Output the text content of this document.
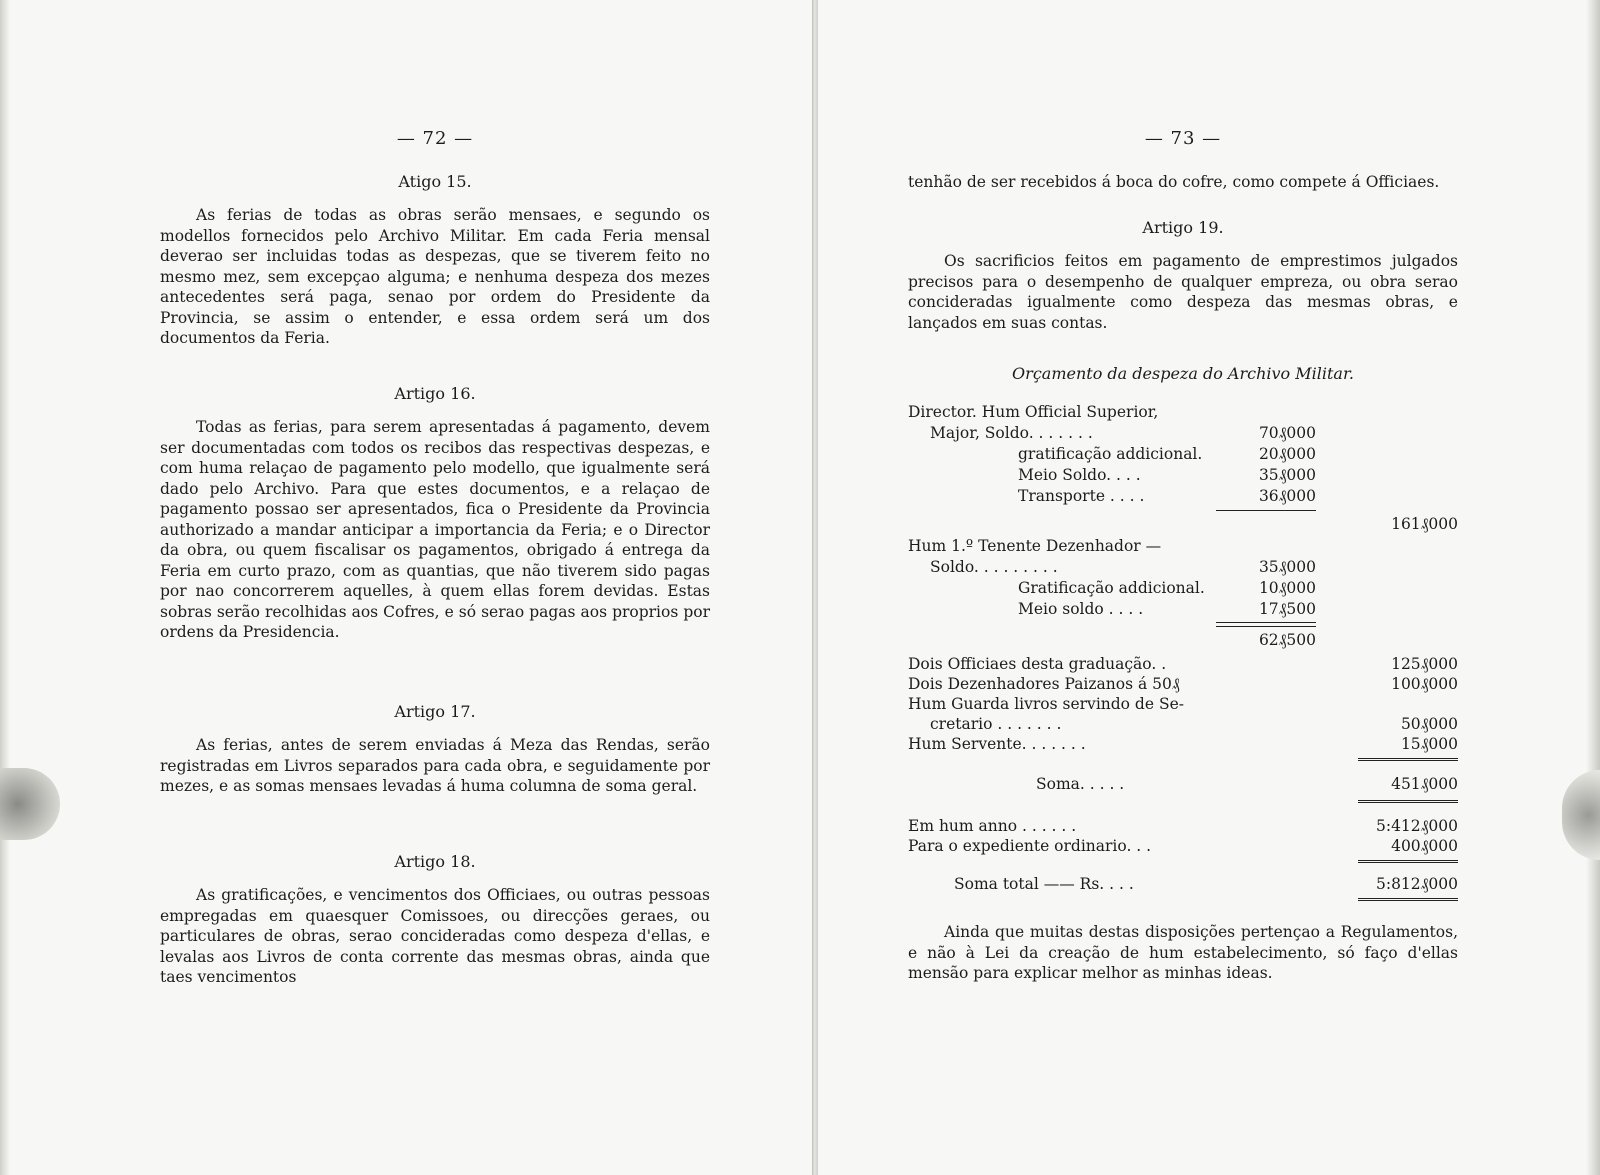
— 72 —

Atigo 15.

As ferias de todas as obras serão mensaes, e segundo os modellos fornecidos pelo Archivo Militar. Em cada Feria mensal deverao ser incluidas todas as despezas, que se tiverem feito no mesmo mez, sem excepçao alguma; e nenhuma despeza dos mezes antecedentes será paga, senao por ordem do Presidente da Provincia, se assim o entender, e essa ordem será um dos documentos da Feria.

Artigo 16.

Todas as ferias, para serem apresentadas á pagamento, devem ser documentadas com todos os recibos das respectivas despezas, e com huma relaçao de pagamento pelo modello, que igualmente será dado pelo Archivo. Para que estes documentos, e a relaçao de pagamento possao ser apresentados, fica o Presidente da Provincia authorizado a mandar anticipar a importancia da Feria; e o Director da obra, ou quem fiscalisar os pagamentos, obrigado á entrega da Feria em curto prazo, com as quantias, que não tiverem sido pagas por nao concorrerem aquelles, à quem ellas forem devidas. Estas sobras serão recolhidas aos Cofres, e só serao pagas aos proprios por ordens da Presidencia.

Artigo 17.

As ferias, antes de serem enviadas á Meza das Rendas, serão registradas em Livros separados para cada obra, e seguidamente por mezes, e as somas mensaes levadas á huma columna de soma geral.

Artigo 18.

As gratificações, e vencimentos dos Officiaes, ou outras pessoas empregadas em quaesquer Comissoes, ou direcções geraes, ou particulares de obras, serao concideradas como despeza d'ellas, e levalas aos Livros de conta corrente das mesmas obras, ainda que taes vencimentos

— 73 —

tenhão de ser recebidos á boca do cofre, como compete á Officiaes.

Artigo 19.

Os sacrificios feitos em pagamento de emprestimos julgados precisos para o desempenho de qualquer empreza, ou obra serao concideradas igualmente como despeza das mesmas obras, e lançados em suas contas.

Orçamento da despeza do Archivo Militar.

Director. Hum Official Superior,
Major, Soldo. . . . . . .	70₰000
gratificação addicional.	20₰000
Meio Soldo. . . .	35₰000
Transporte . . . .	36₰000
161₰000
Hum 1.º Tenente Dezenhador —
Soldo. . . . . . . . .	35₰000
Gratificação addicional.	10₰000
Meio soldo . . . .	17₰500
62₰500
Dois Officiaes desta graduação. .	125₰000
Dois Dezenhadores Paizanos á 50₰	100₰000
Hum Guarda livros servindo de Se-
cretario . . . . . . .	50₰000
Hum Servente. . . . . . .	15₰000
Soma. . . . .	451₰000
Em hum anno . . . . . .	5:412₰000
Para o expediente ordinario. . .	400₰000
Soma total —— Rs. . . .	5:812₰000

Ainda que muitas destas disposições pertençao a Regulamentos, e não à Lei da creação de hum estabelecimento, só faço d'ellas mensão para explicar melhor as minhas ideas.
